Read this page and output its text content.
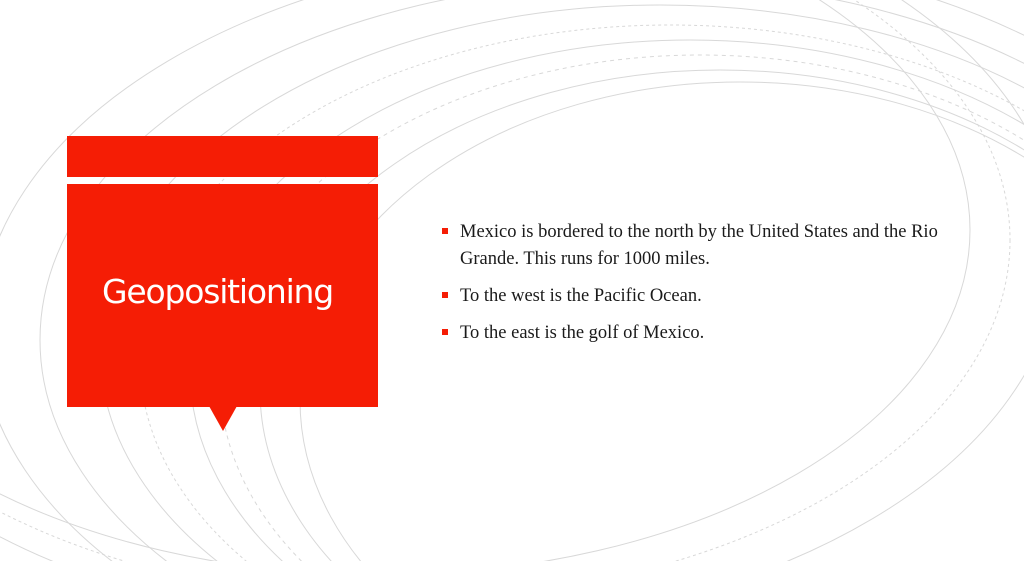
Geopositioning
Mexico is bordered to the north by the United States and the Rio Grande. This runs for 1000 miles.
To the west is the Pacific Ocean.
To the east is the golf of Mexico.
